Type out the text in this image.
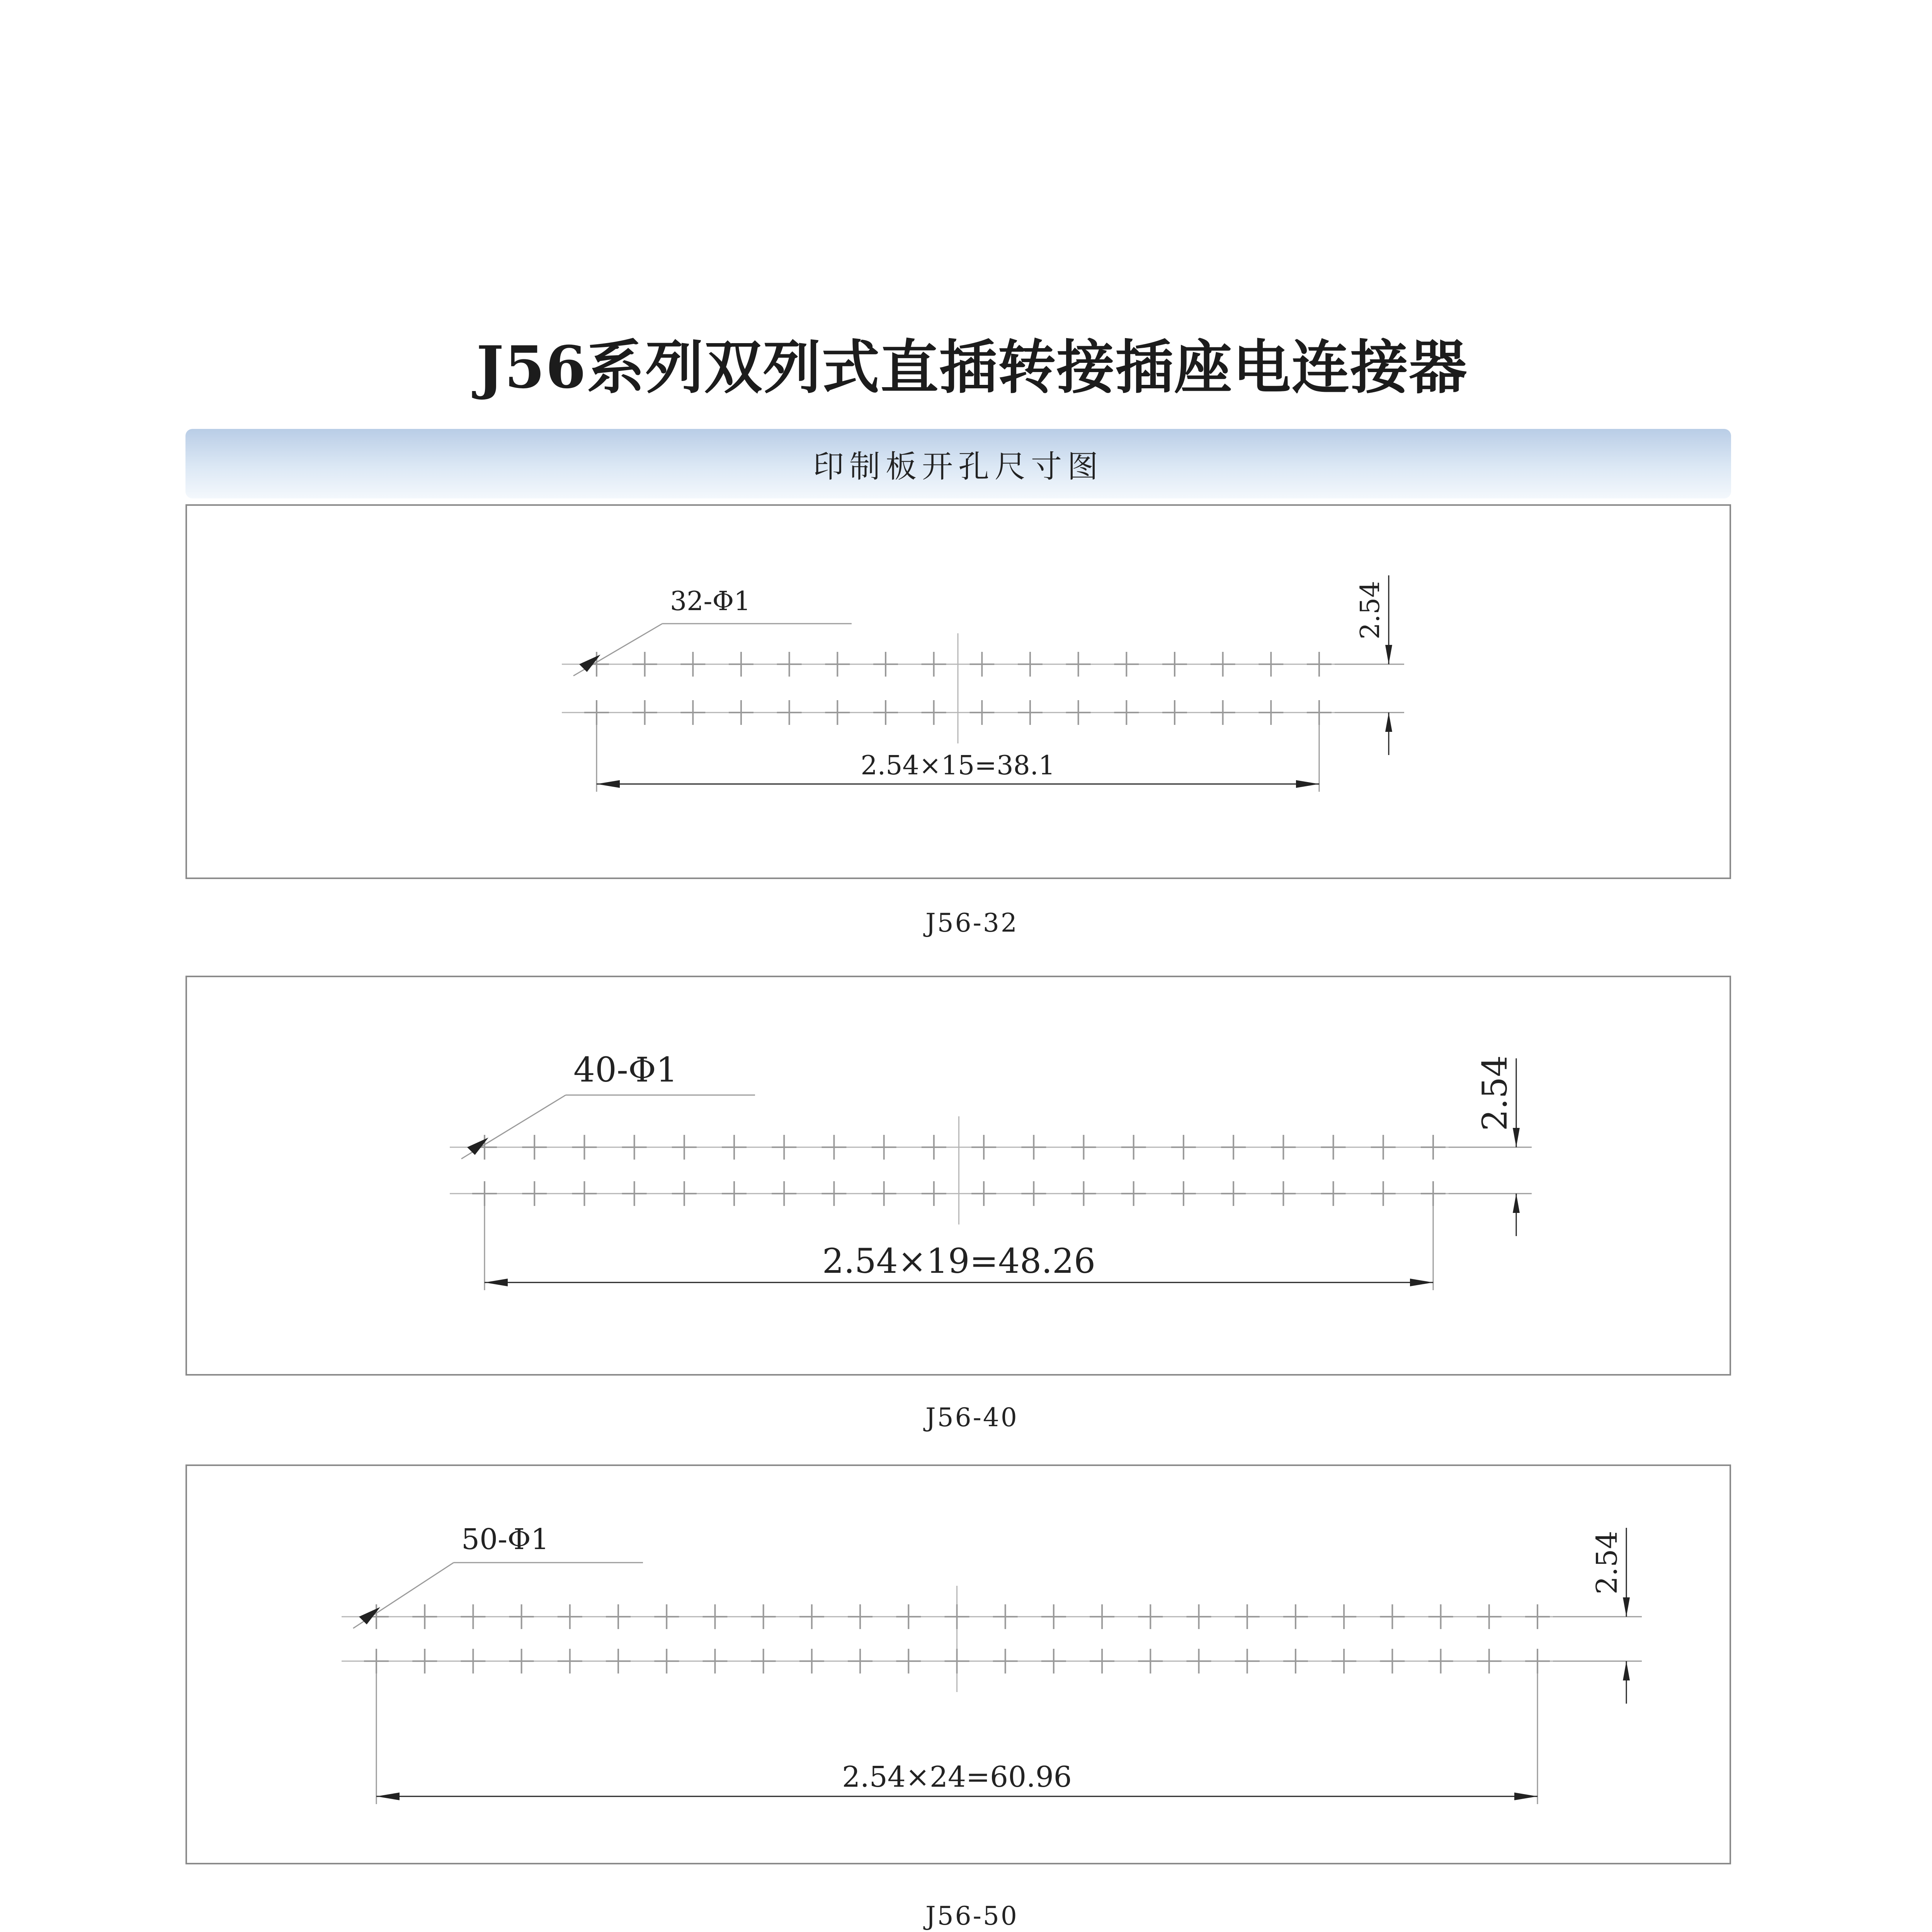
J56系列双列式直插转接插座电连接器
印制板开孔尺寸图
32-Φ1
2.54×15=38.1
2.54
J56-32
40-Φ1
2.54×19=48.26
2.54
J56-40
50-Φ1
2.54×24=60.96
2.54
J56-50
